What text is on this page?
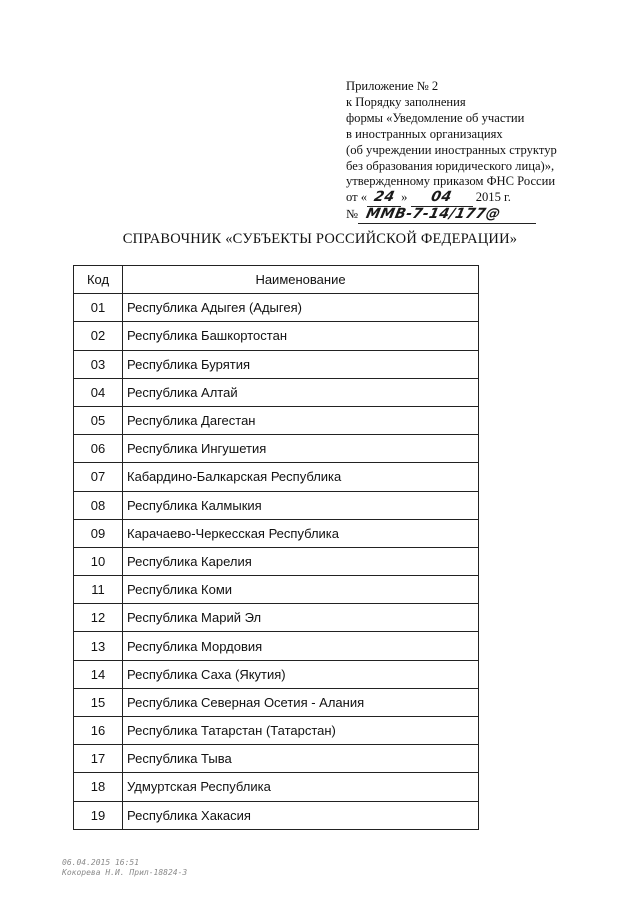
Приложение № 2
к Порядку заполнения
формы «Уведомление об участии
в иностранных организациях
(об учреждении иностранных структур
без образования юридического лица)»,
утвержденному приказом ФНС России
от « 24 » 04 2015 г.
№ ММВ-7-14/177@
СПРАВОЧНИК «СУБЪЕКТЫ РОССИЙСКОЙ ФЕДЕРАЦИИ»
Код	Наименование
01	Республика Адыгея (Адыгея)
02	Республика Башкортостан
03	Республика Бурятия
04	Республика Алтай
05	Республика Дагестан
06	Республика Ингушетия
07	Кабардино-Балкарская Республика
08	Республика Калмыкия
09	Карачаево-Черкесская Республика
10	Республика Карелия
11	Республика Коми
12	Республика Марий Эл
13	Республика Мордовия
14	Республика Саха (Якутия)
15	Республика Северная Осетия - Алания
16	Республика Татарстан (Татарстан)
17	Республика Тыва
18	Удмуртская Республика
19	Республика Хакасия
06.04.2015 16:51
Кокорева Н.И. Прил-18824-3
